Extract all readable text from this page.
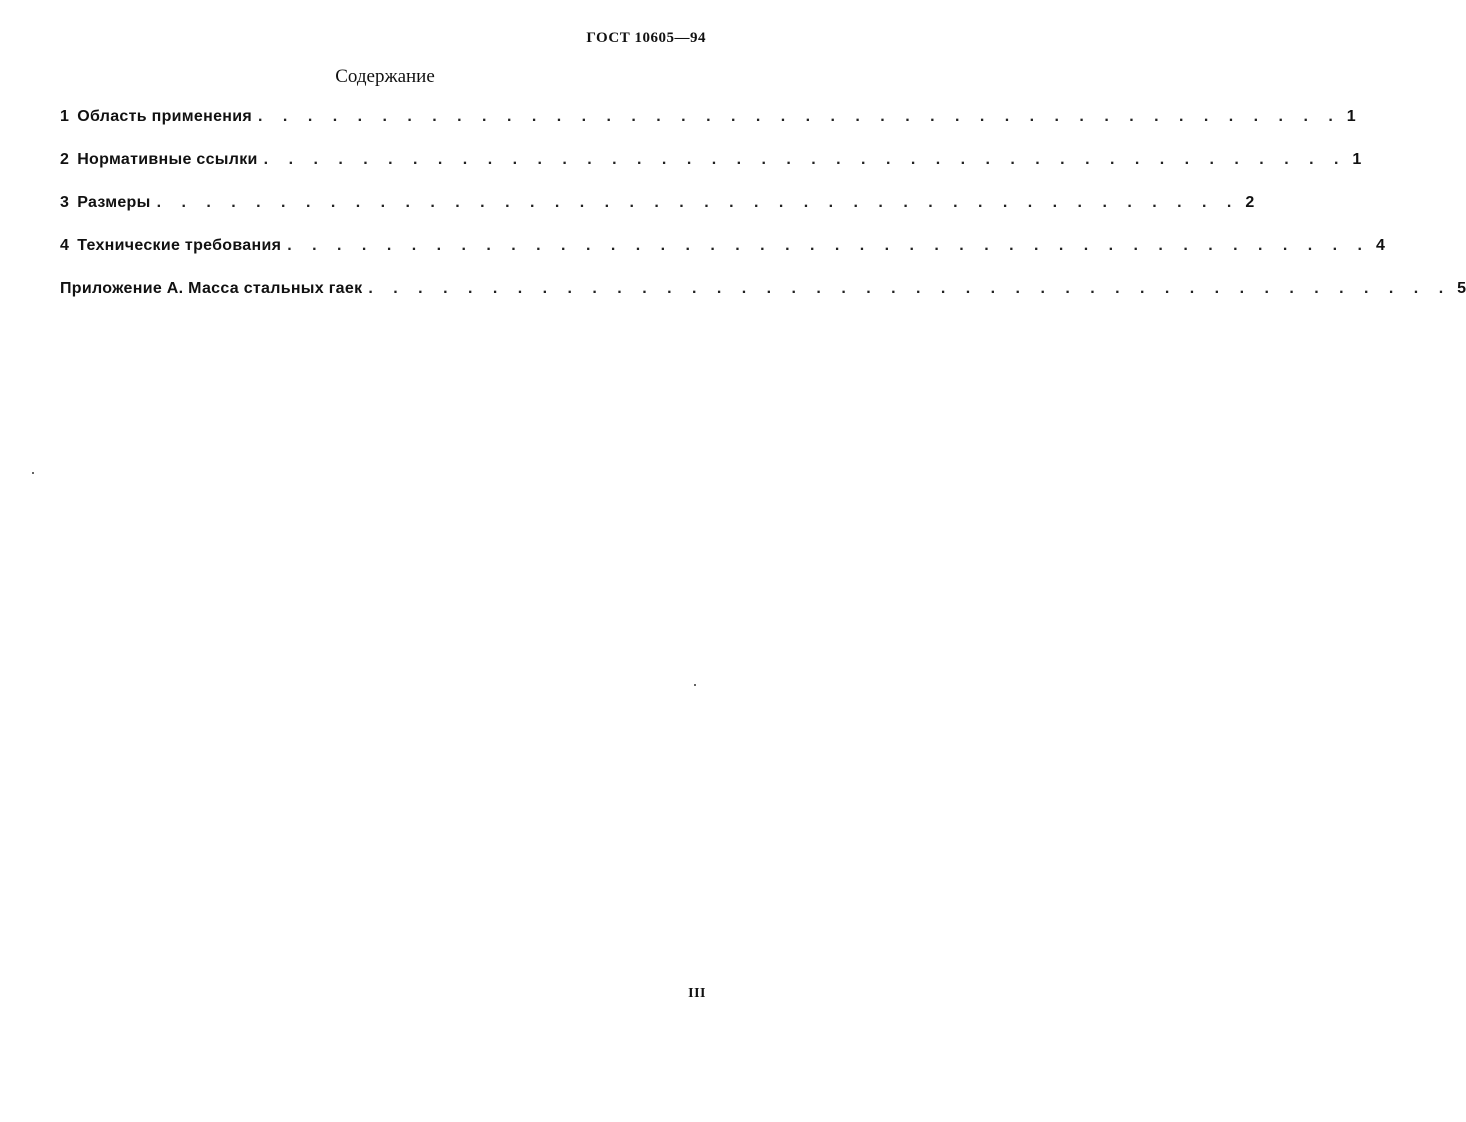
ГОСТ 10605—94
Содержание
1 Область применения . . . . . . . . . . . . . . . . . . . . . . . . . . . . . . . . . . . . . . . . . . . . 1
2 Нормативные ссылки . . . . . . . . . . . . . . . . . . . . . . . . . . . . . . . . . . . . . . . . . . . . 1
3 Размеры . . . . . . . . . . . . . . . . . . . . . . . . . . . . . . . . . . . . . . . . . . . . 2
4 Технические требования . . . . . . . . . . . . . . . . . . . . . . . . . . . . . . . . . . . . . . . . . . . . 4
Приложение А. Масса стальных гаек . . . . . . . . . . . . . . . . . . . . . . . . . . . . . . . . . . . . . . . . . . . . 5
III
